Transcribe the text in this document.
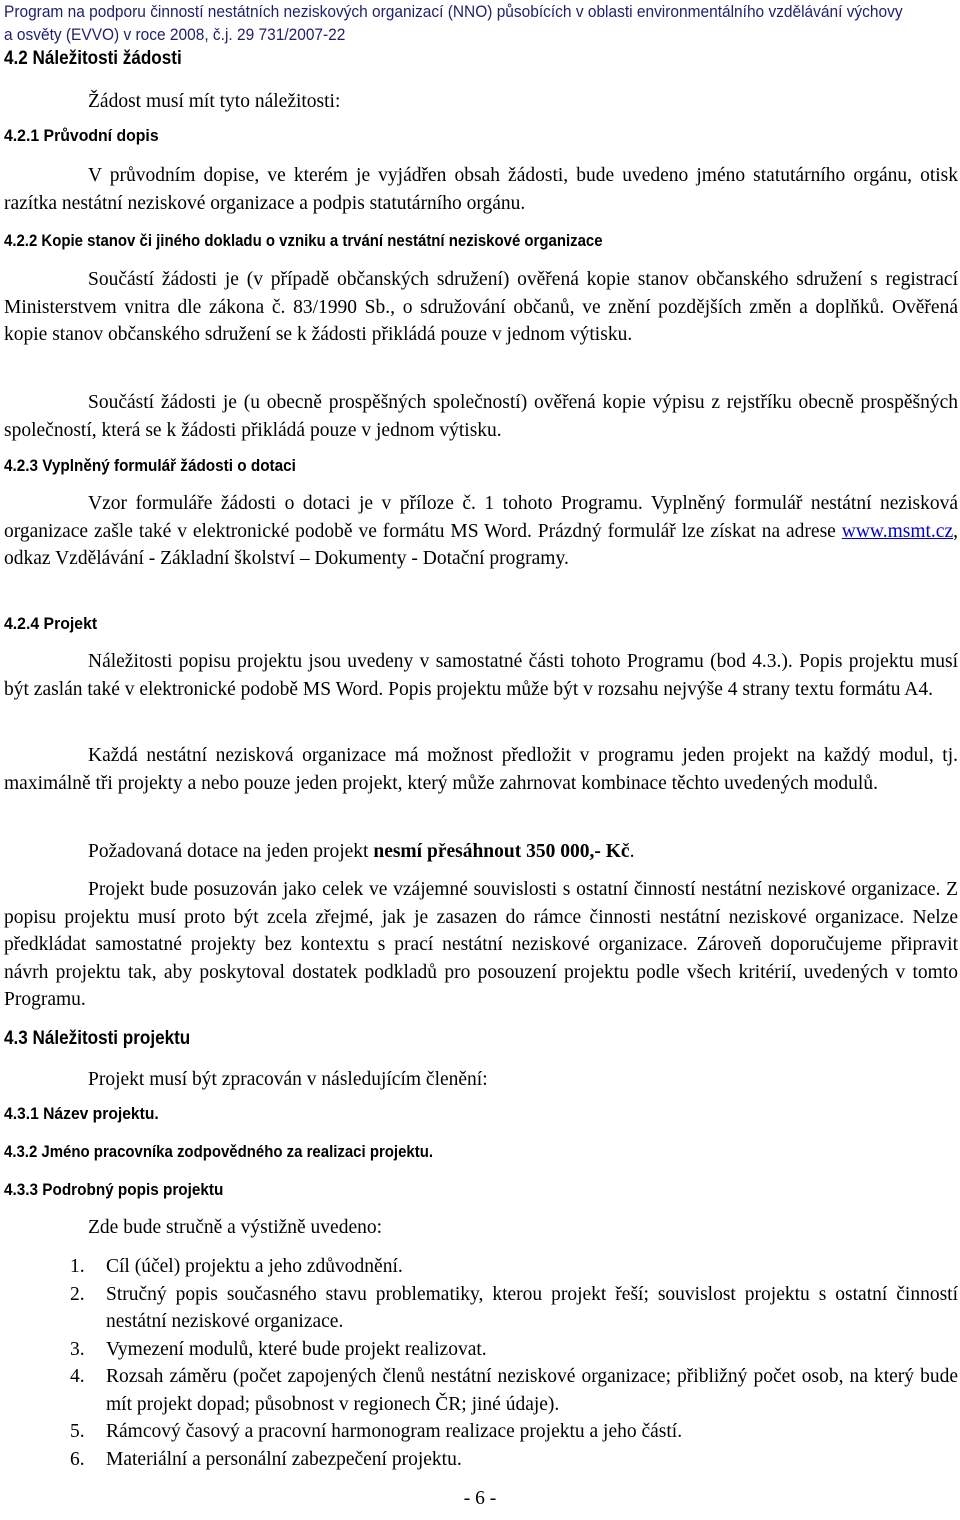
Program na podporu činností nestátních neziskových organizací (NNO) působících v oblasti environmentálního vzdělávání výchovy
a osvěty (EVVO) v roce 2008, č.j. 29 731/2007-22
4.2 Náležitosti žádosti
Žádost musí mít tyto náležitosti:
4.2.1 Průvodní dopis
V průvodním dopise, ve kterém je vyjádřen obsah žádosti, bude uvedeno jméno statutárního orgánu, otisk razítka nestátní neziskové organizace a podpis statutárního orgánu.
4.2.2 Kopie stanov či jiného dokladu o vzniku a trvání nestátní neziskové organizace
Součástí žádosti je (v případě občanských sdružení) ověřená kopie stanov občanského sdružení s registrací Ministerstvem vnitra dle zákona č. 83/1990 Sb., o sdružování občanů, ve znění pozdějších změn a doplňků. Ověřená kopie stanov občanského sdružení se k žádosti přikládá pouze v jednom výtisku.
Součástí žádosti je (u obecně prospěšných společností) ověřená kopie výpisu z rejstříku obecně prospěšných společností, která se k žádosti přikládá pouze v jednom výtisku.
4.2.3 Vyplněný formulář žádosti o dotaci
Vzor formuláře žádosti o dotaci je v příloze č. 1 tohoto Programu. Vyplněný formulář nestátní nezisková organizace zašle také v elektronické podobě ve formátu MS Word. Prázdný formulář lze získat na adrese www.msmt.cz, odkaz Vzdělávání - Základní školství – Dokumenty - Dotační programy.
4.2.4 Projekt
Náležitosti popisu projektu jsou uvedeny v samostatné části tohoto Programu (bod 4.3.). Popis projektu musí být zaslán také v elektronické podobě MS Word. Popis projektu může být v rozsahu nejvýše 4 strany textu formátu A4.
Každá nestátní nezisková organizace má možnost předložit v programu jeden projekt na každý modul, tj. maximálně tři projekty a nebo pouze jeden projekt, který může zahrnovat kombinace těchto uvedených modulů.
Požadovaná dotace na jeden projekt nesmí přesáhnout 350 000,- Kč.
Projekt bude posuzován jako celek ve vzájemné souvislosti s ostatní činností nestátní neziskové organizace. Z popisu projektu musí proto být zcela zřejmé, jak je zasazen do rámce činnosti nestátní neziskové organizace. Nelze předkládat samostatné projekty bez kontextu s prací nestátní neziskové organizace. Zároveň doporučujeme připravit návrh projektu tak, aby poskytoval dostatek podkladů pro posouzení projektu podle všech kritérií, uvedených v tomto Programu.
4.3 Náležitosti projektu
Projekt musí být zpracován v následujícím členění:
4.3.1 Název projektu.
4.3.2 Jméno pracovníka zodpovědného za realizaci projektu.
4.3.3 Podrobný popis projektu
Zde bude stručně a výstižně uvedeno:
1. Cíl (účel) projektu a jeho zdůvodnění.
2. Stručný popis současného stavu problematiky, kterou projekt řeší; souvislost projektu s ostatní činností nestátní neziskové organizace.
3. Vymezení modulů, které bude projekt realizovat.
4. Rozsah záměru (počet zapojených členů nestátní neziskové organizace; přibližný počet osob, na který bude mít projekt dopad; působnost v regionech ČR; jiné údaje).
5. Rámcový časový a pracovní harmonogram realizace projektu a jeho částí.
6. Materiální a personální zabezpečení projektu.
- 6 -
